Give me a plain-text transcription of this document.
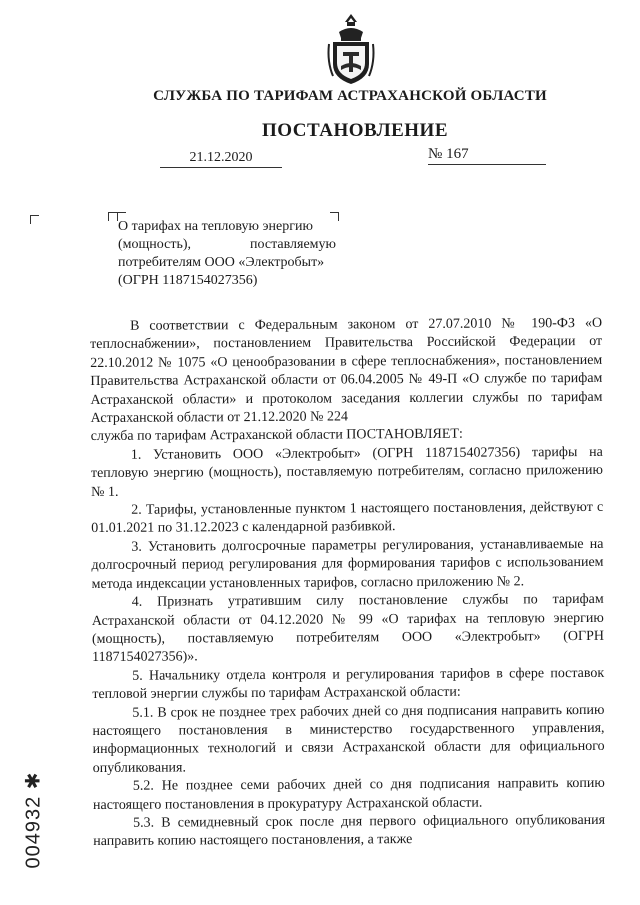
СЛУЖБА ПО ТАРИФАМ АСТРАХАНСКОЙ ОБЛАСТИ
ПОСТАНОВЛЕНИЕ
21.12.2020	№ 167
О тарифах на тепловую энергию
(мощность),	поставляемую
потребителям ООО «Электробыт»
(ОГРН 1187154027356)

В соответствии с Федеральным законом от 27.07.2010 № 190-ФЗ «О теплоснабжении», постановлением Правительства Российской Федерации от 22.10.2012 № 1075 «О ценообразовании в сфере теплоснабжения», постановлением Правительства Астраханской области от 06.04.2005 № 49-П «О службе по тарифам Астраханской области» и протоколом заседания коллегии службы по тарифам Астраханской области от 21.12.2020 № 224

служба по тарифам Астраханской области ПОСТАНОВЛЯЕТ:

1. Установить ООО «Электробыт» (ОГРН 1187154027356) тарифы на тепловую энергию (мощность), поставляемую потребителям, согласно приложению № 1.

2. Тарифы, установленные пунктом 1 настоящего постановления, действуют с 01.01.2021 по 31.12.2023 с календарной разбивкой.

3. Установить долгосрочные параметры регулирования, устанавливаемые на долгосрочный период регулирования для формирования тарифов с использованием метода индексации установленных тарифов, согласно приложению № 2.

4. Признать утратившим силу постановление службы по тарифам Астраханской области от 04.12.2020 № 99 «О тарифах на тепловую энергию (мощность), поставляемую потребителям ООО «Электробыт» (ОГРН 1187154027356)».

5. Начальнику отдела контроля и регулирования тарифов в сфере поставок тепловой энергии службы по тарифам Астраханской области:

5.1. В срок не позднее трех рабочих дней со дня подписания направить копию настоящего постановления в министерство государственного управления, информационных технологий и связи Астраханской области для официального опубликования.

5.2. Не позднее семи рабочих дней со дня подписания направить копию настоящего постановления в прокуратуру Астраханской области.

5.3. В семидневный срок после дня первого официального опубликования направить копию настоящего постановления, а также

004932 ✱
